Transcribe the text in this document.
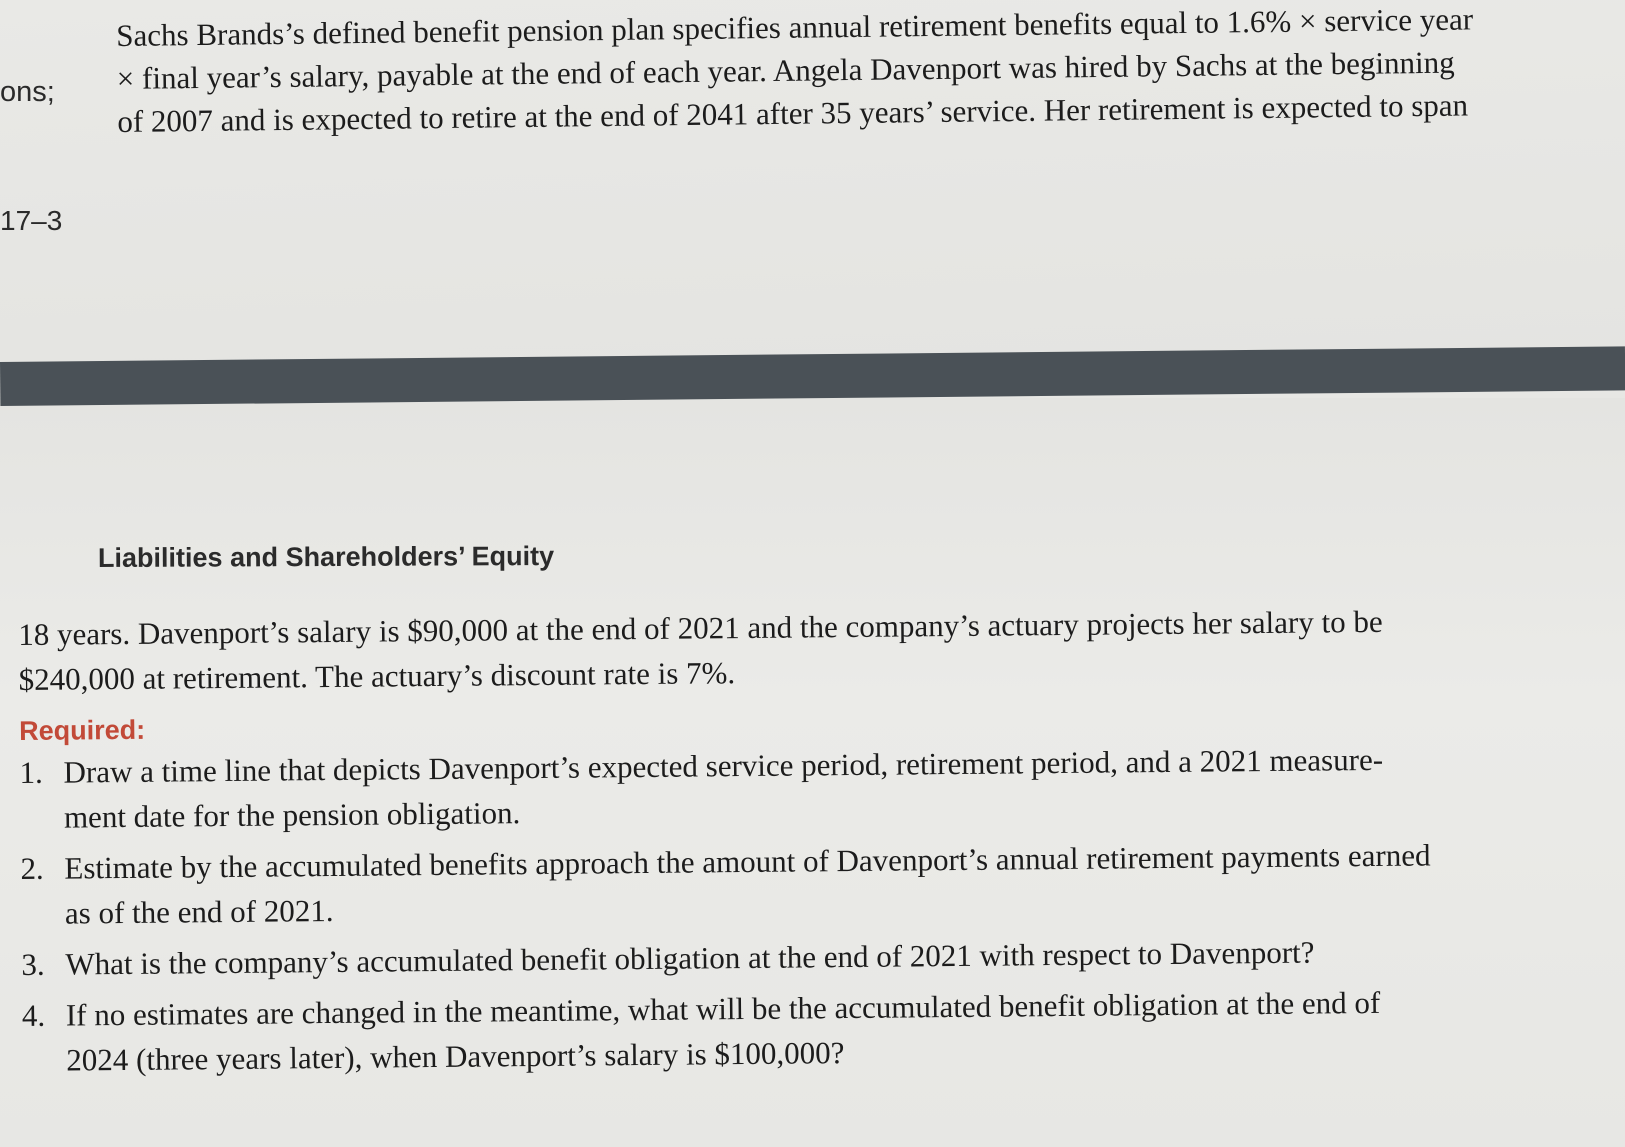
ons;
17–3
Sachs Brands’s defined benefit pension plan specifies annual retirement benefits equal to 1.6% × service year
× final year’s salary, payable at the end of each year. Angela Davenport was hired by Sachs at the beginning
of 2007 and is expected to retire at the end of 2041 after 35 years’ service. Her retirement is expected to span
Liabilities and Shareholders’ Equity
18 years. Davenport’s salary is $90,000 at the end of 2021 and the company’s actuary projects her salary to be
$240,000 at retirement. The actuary’s discount rate is 7%.
Required:
1. Draw a time line that depicts Davenport’s expected service period, retirement period, and a 2021 measure-
ment date for the pension obligation.
2. Estimate by the accumulated benefits approach the amount of Davenport’s annual retirement payments earned
as of the end of 2021.
3. What is the company’s accumulated benefit obligation at the end of 2021 with respect to Davenport?
4. If no estimates are changed in the meantime, what will be the accumulated benefit obligation at the end of
2024 (three years later), when Davenport’s salary is $100,000?
